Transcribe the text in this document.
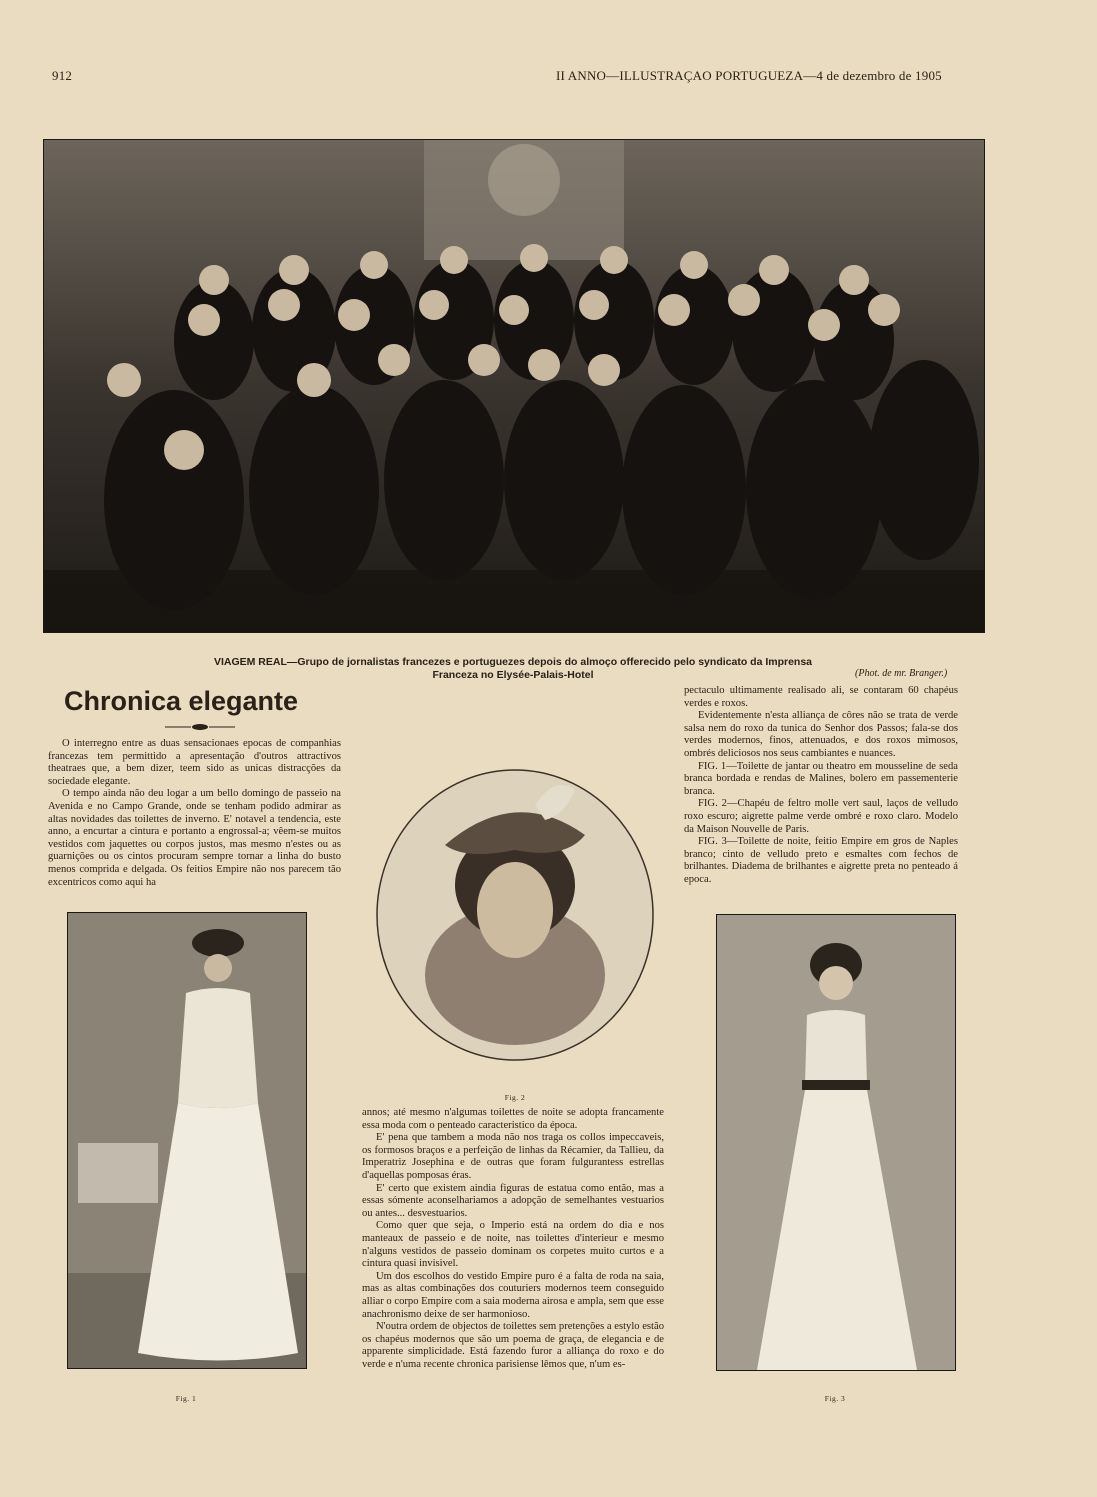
912	II ANNO—ILLUSTRAÇAO PORTUGUEZA—4 de dezembro de 1905
VIAGEM REAL—Grupo de jornalistas francezes e portuguezes depois do almoço offerecido pelo syndicato da Imprensa
Franceza no Elysée-Palais-Hotel	(Phot. de mr. Branger.)
Chronica elegante

O interregno entre as duas sensacionaes epocas de companhias francezas tem permittido a apresentação d'outros attractivos theatraes que, a bem dizer, teem sido as unicas distracções da sociedade elegante.

O tempo ainda não deu logar a um bello domingo de passeio na Avenida e no Campo Grande, onde se tenham podido admirar as altas novidades das toilettes de inverno. E' notavel a tendencia, este anno, a encurtar a cintura e portanto a engrossal-a; vêem-se muitos vestidos com jaquettes ou corpos justos, mas mesmo n'estes ou as guarnições ou os cintos procuram sempre tornar a linha do busto menos comprida e delgada. Os feitios Empire não nos parecem tão excentricos como aqui ha

Fig. 1
Fig. 2

annos; até mesmo n'algumas toilettes de noite se adopta francamente essa moda com o penteado caracteristico da época.

E' pena que tambem a moda não nos traga os collos impeccaveis, os formosos braços e a perfeição de linhas da Récamier, da Tallieu, da Imperatriz Josephina e de outras que foram fulgurantess estrellas d'aquellas pomposas éras.

E' certo que existem aindia figuras de estatua como então, mas a essas sómente aconselhariamos a adopção de semelhantes vestuarios ou antes... desvestuarios.

Como quer que seja, o Imperio está na ordem do dia e nos manteaux de passeio e de noite, nas toilettes d'interieur e mesmo n'alguns vestidos de passeio dominam os corpetes muito curtos e a cintura quasi invisivel.

Um dos escolhos do vestido Empire puro é a falta de roda na saia, mas as altas combinações dos couturiers modernos teem conseguido alliar o corpo Empire com a saia moderna airosa e ampla, sem que esse anachronismo deixe de ser harmonioso.

N'outra ordem de objectos de toilettes sem pretenções a estylo estão os chapéus modernos que são um poema de graça, de elegancia e de apparente simplicidade. Está fazendo furor a alliança do roxo e do verde e n'uma recente chronica parisiense lêmos que, n'um es-

pectaculo ultimamente realisado ali, se contaram 60 chapéus verdes e roxos.

Evidentemente n'esta alliança de côres não se trata de verde salsa nem do roxo da tunica do Senhor dos Passos; fala-se dos verdes modernos, finos, attenuados, e dos roxos mimosos, ombrés deliciosos nos seus cambiantes e nuances.

FIG. 1—Toilette de jantar ou theatro em mousseline de seda branca bordada e rendas de Malines, bolero em passementerie branca.

FIG. 2—Chapéu de feltro molle vert saul, laços de velludo roxo escuro; aigrette palme verde ombré e roxo claro. Modelo da Maison Nouvelle de Paris.

FIG. 3—Toilette de noite, feitio Empire em gros de Naples branco; cinto de velludo preto e esmaltes com fechos de brilhantes. Diadema de brilhantes e aigrette preta no penteado á epoca.

Fig. 3
